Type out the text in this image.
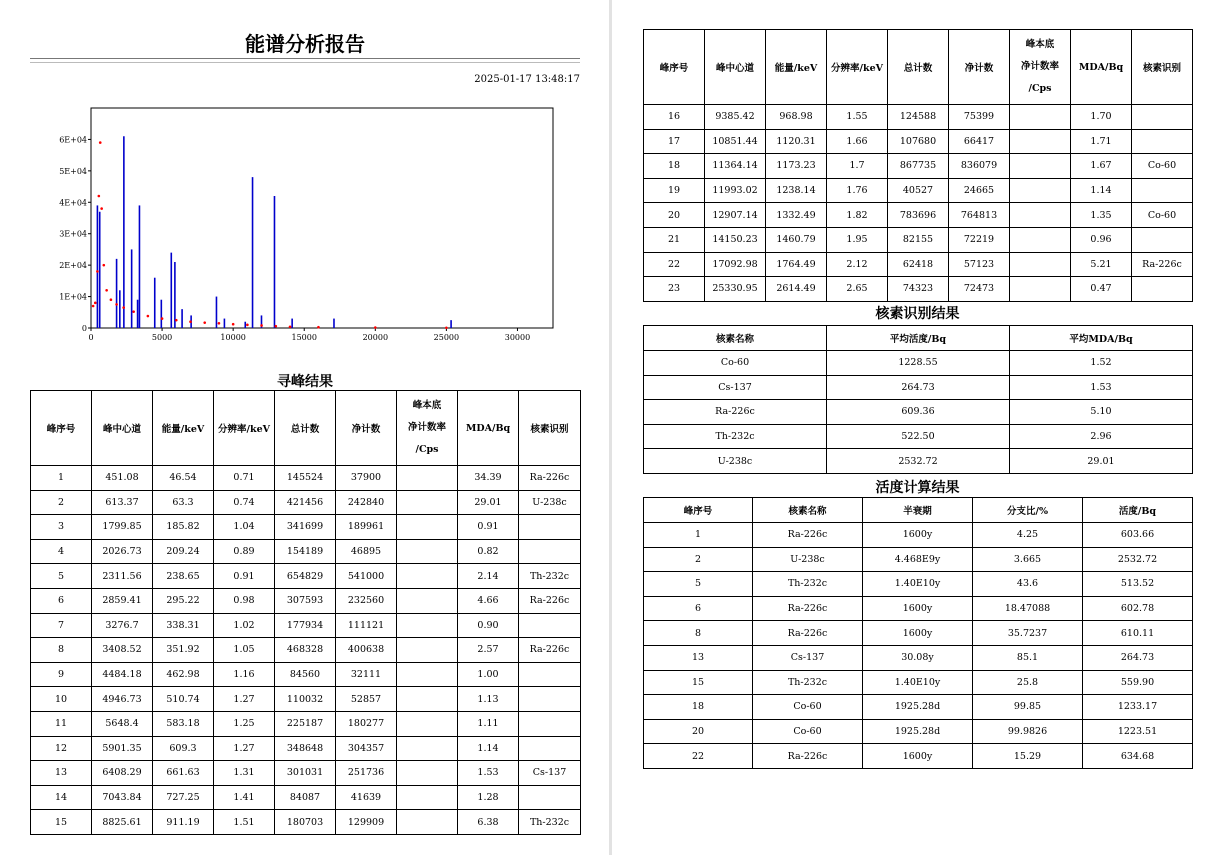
能谱分析报告
2025-01-17 13:48:17
0
1E+04
2E+04
3E+04
4E+04
5E+04
6E+04
0	5000	10000	15000	20000	25000	30000
寻峰结果
峰序号	峰中心道	能量/keV	分辨率/keV	总计数	净计数	峰本底
净计数率
/Cps	MDA/Bq	核素识别
1	451.08	46.54	0.71	145524	37900		34.39	Ra-226c
2	613.37	63.3	0.74	421456	242840		29.01	U-238c
3	1799.85	185.82	1.04	341699	189961		0.91	
4	2026.73	209.24	0.89	154189	46895		0.82	
5	2311.56	238.65	0.91	654829	541000		2.14	Th-232c
6	2859.41	295.22	0.98	307593	232560		4.66	Ra-226c
7	3276.7	338.31	1.02	177934	111121		0.90	
8	3408.52	351.92	1.05	468328	400638		2.57	Ra-226c
9	4484.18	462.98	1.16	84560	32111		1.00	
10	4946.73	510.74	1.27	110032	52857		1.13	
11	5648.4	583.18	1.25	225187	180277		1.11	
12	5901.35	609.3	1.27	348648	304357		1.14	
13	6408.29	661.63	1.31	301031	251736		1.53	Cs-137
14	7043.84	727.25	1.41	84087	41639		1.28	
15	8825.61	911.19	1.51	180703	129909		6.38	Th-232c
峰序号	峰中心道	能量/keV	分辨率/keV	总计数	净计数	峰本底
净计数率
/Cps	MDA/Bq	核素识别
16	9385.42	968.98	1.55	124588	75399		1.70	
17	10851.44	1120.31	1.66	107680	66417		1.71	
18	11364.14	1173.23	1.7	867735	836079		1.67	Co-60
19	11993.02	1238.14	1.76	40527	24665		1.14	
20	12907.14	1332.49	1.82	783696	764813		1.35	Co-60
21	14150.23	1460.79	1.95	82155	72219		0.96	
22	17092.98	1764.49	2.12	62418	57123		5.21	Ra-226c
23	25330.95	2614.49	2.65	74323	72473		0.47	
核素识别结果
核素名称	平均活度/Bq	平均MDA/Bq
Co-60	1228.55	1.52
Cs-137	264.73	1.53
Ra-226c	609.36	5.10
Th-232c	522.50	2.96
U-238c	2532.72	29.01
活度计算结果
峰序号	核素名称	半衰期	分支比/%	活度/Bq
1	Ra-226c	1600y	4.25	603.66
2	U-238c	4.468E9y	3.665	2532.72
5	Th-232c	1.40E10y	43.6	513.52
6	Ra-226c	1600y	18.47088	602.78
8	Ra-226c	1600y	35.7237	610.11
13	Cs-137	30.08y	85.1	264.73
15	Th-232c	1.40E10y	25.8	559.90
18	Co-60	1925.28d	99.85	1233.17
20	Co-60	1925.28d	99.9826	1223.51
22	Ra-226c	1600y	15.29	634.68
